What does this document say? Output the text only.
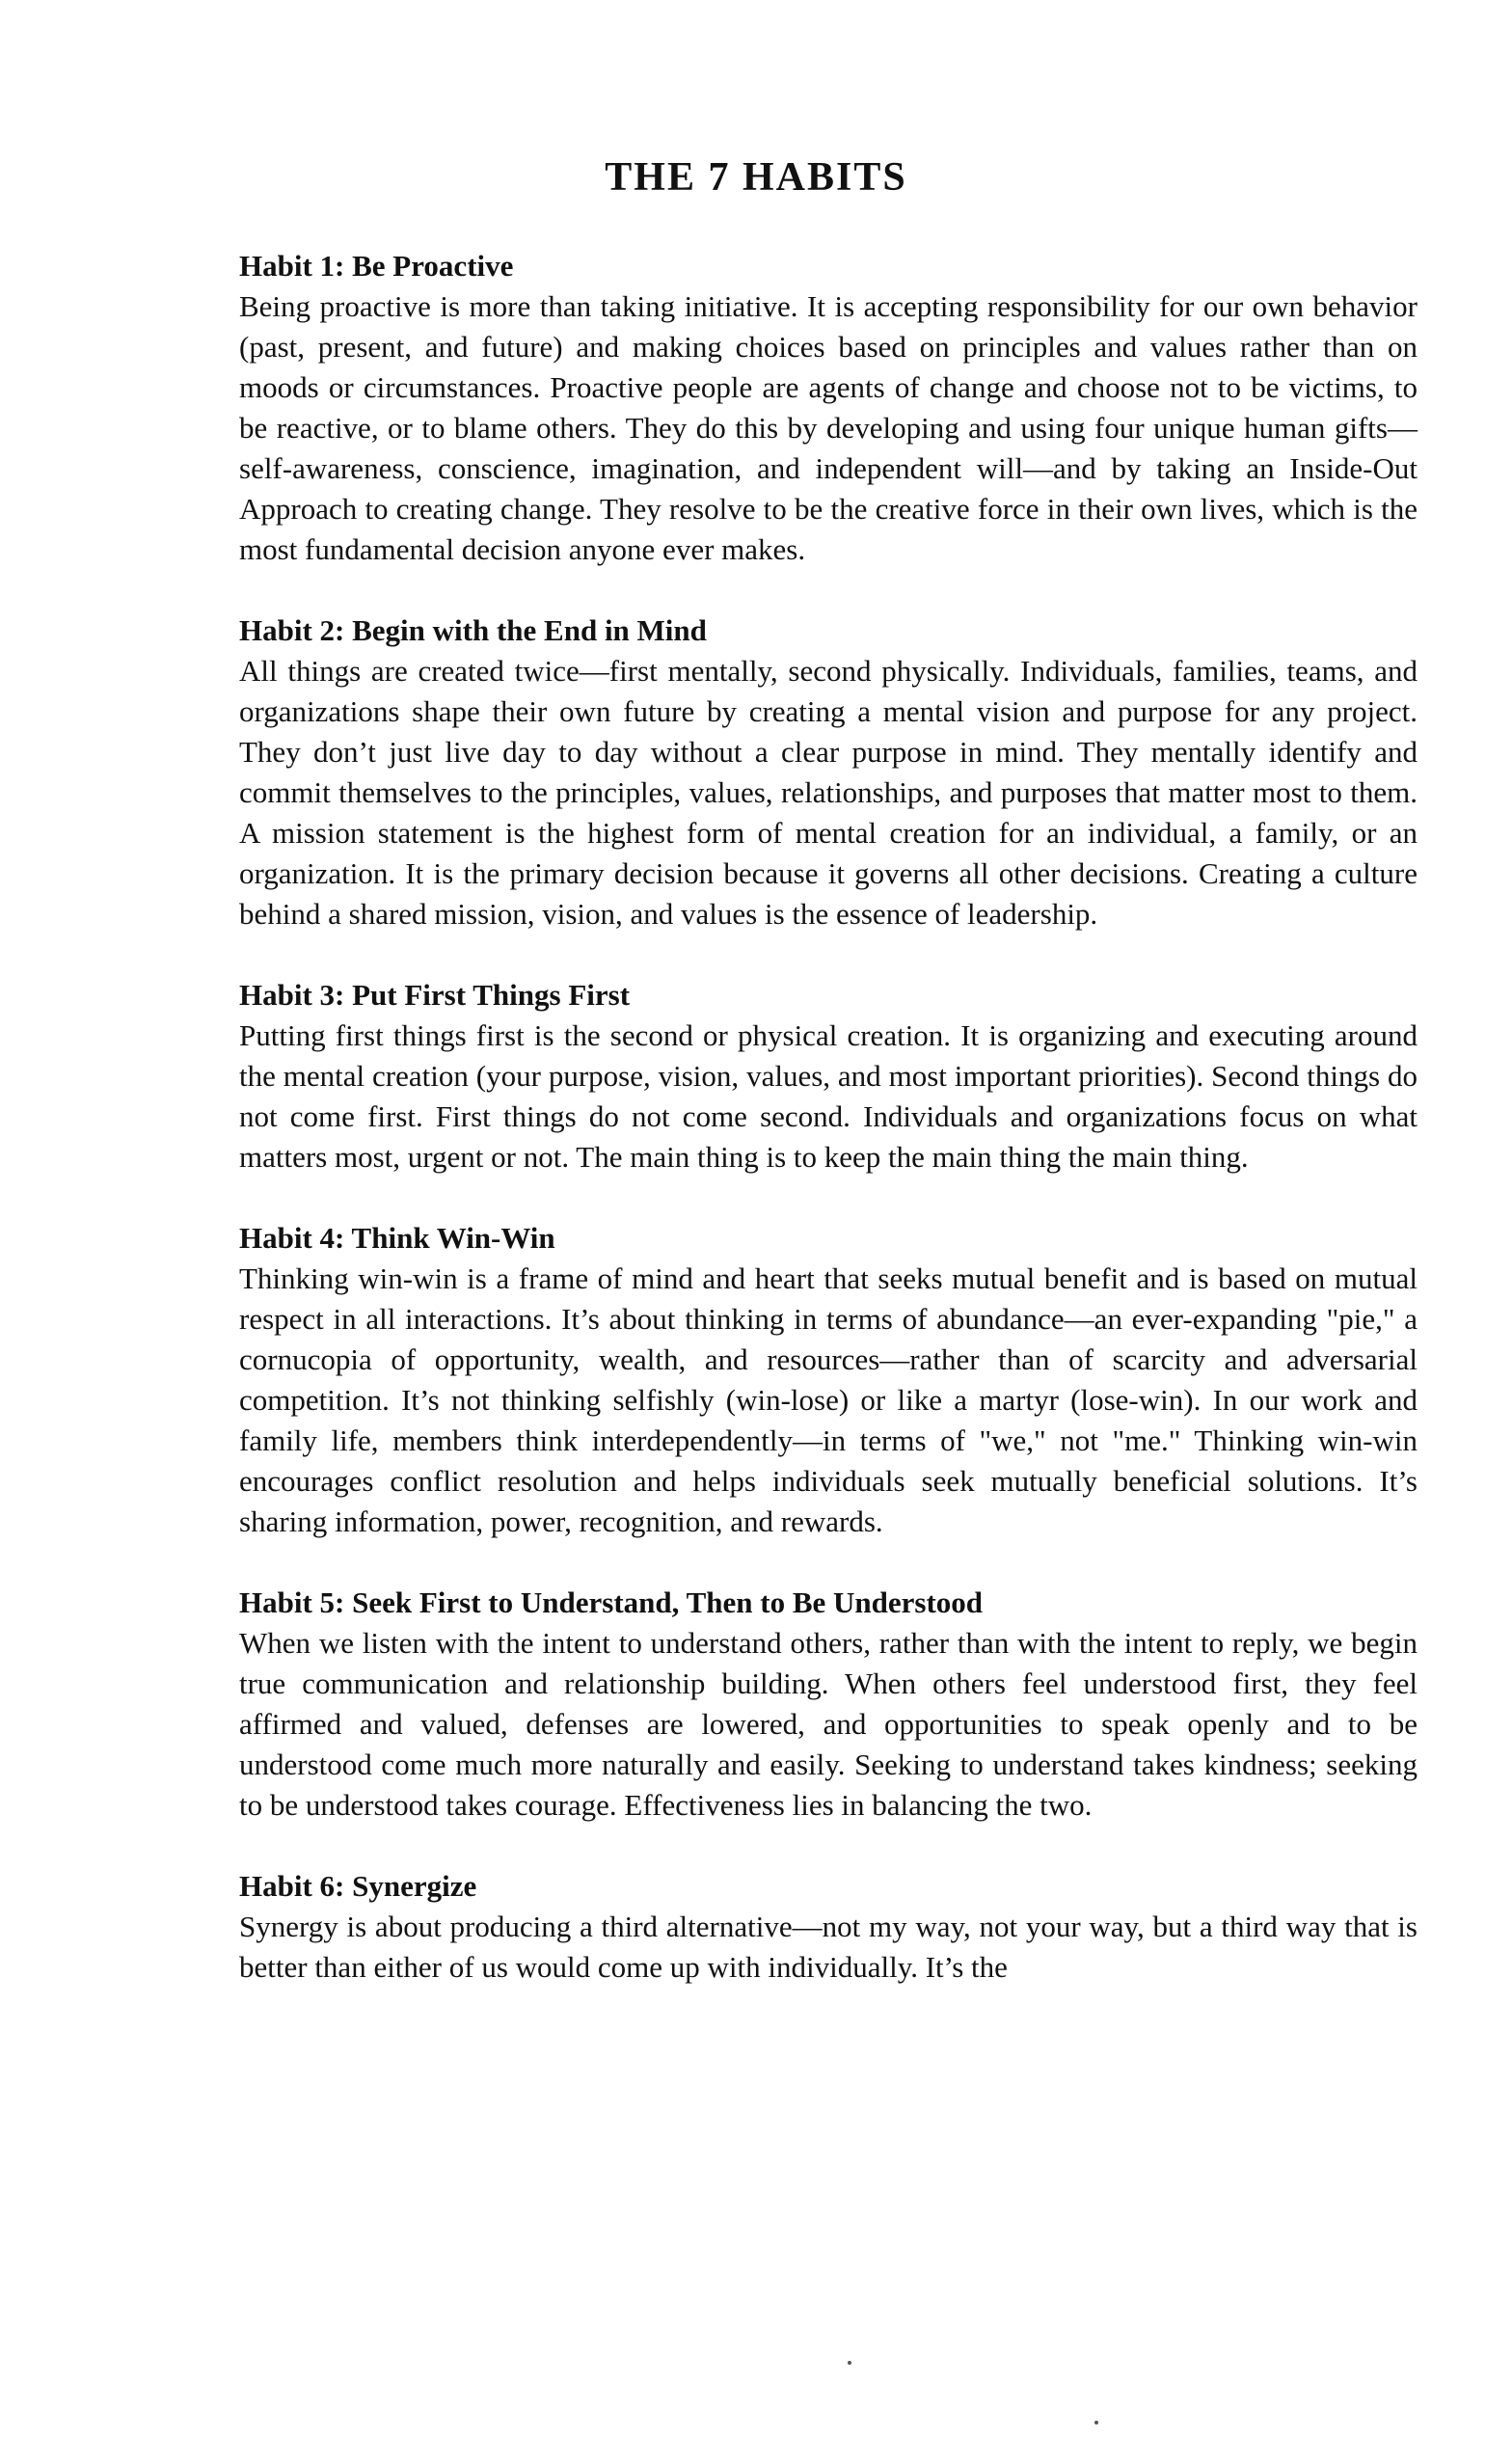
THE 7 HABITS

Habit 1: Be Proactive

Being proactive is more than taking initiative. It is accepting responsibility for our own behavior (past, present, and future) and making choices based on principles and values rather than on moods or circumstances. Proactive people are agents of change and choose not to be victims, to be reactive, or to blame others. They do this by developing and using four unique human gifts—self-awareness, conscience, imagination, and independent will—and by taking an Inside-Out Approach to creating change. They resolve to be the creative force in their own lives, which is the most fundamental decision anyone ever makes.

Habit 2: Begin with the End in Mind

All things are created twice—first mentally, second physically. Individuals, families, teams, and organizations shape their own future by creating a mental vision and purpose for any project. They don’t just live day to day without a clear purpose in mind. They mentally identify and commit themselves to the principles, values, relationships, and purposes that matter most to them. A mission statement is the highest form of mental creation for an individual, a family, or an organization. It is the primary decision because it governs all other decisions. Creating a culture behind a shared mission, vision, and values is the essence of leadership.

Habit 3: Put First Things First

Putting first things first is the second or physical creation. It is organizing and executing around the mental creation (your purpose, vision, values, and most important priorities). Second things do not come first. First things do not come second. Individuals and organizations focus on what matters most, urgent or not. The main thing is to keep the main thing the main thing.

Habit 4: Think Win-Win

Thinking win-win is a frame of mind and heart that seeks mutual benefit and is based on mutual respect in all interactions. It’s about thinking in terms of abundance—an ever-expanding "pie," a cornucopia of opportunity, wealth, and resources—rather than of scarcity and adversarial competition. It’s not thinking selfishly (win-lose) or like a martyr (lose-win). In our work and family life, members think interdependently—in terms of "we," not "me." Thinking win-win encourages conflict resolution and helps individuals seek mutually beneficial solutions. It’s sharing information, power, recognition, and rewards.

Habit 5: Seek First to Understand, Then to Be Understood

When we listen with the intent to understand others, rather than with the intent to reply, we begin true communication and relationship building. When others feel understood first, they feel affirmed and valued, defenses are lowered, and opportunities to speak openly and to be understood come much more naturally and easily. Seeking to understand takes kindness; seeking to be understood takes courage. Effectiveness lies in balancing the two.

Habit 6: Synergize

Synergy is about producing a third alternative—not my way, not your way, but a third way that is better than either of us would come up with individually. It’s the
